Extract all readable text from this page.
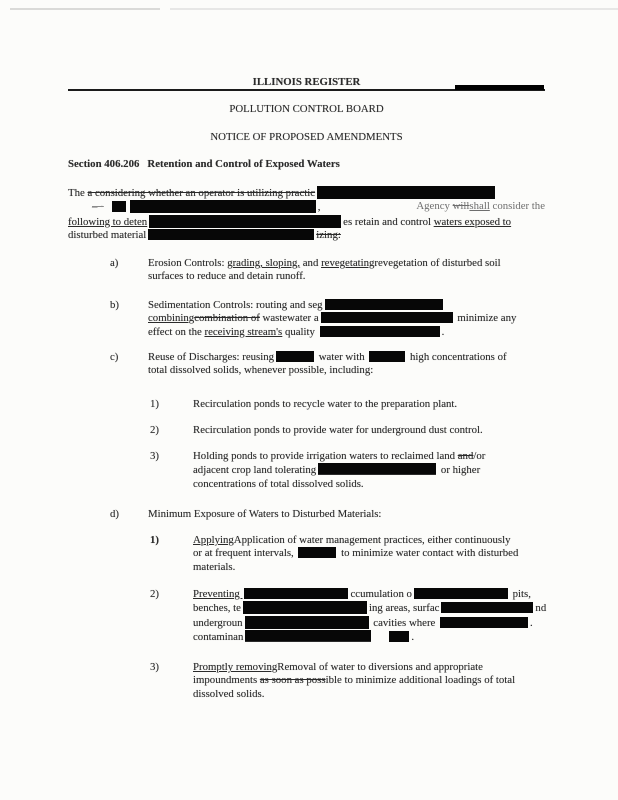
ILLINOIS REGISTER
POLLUTION CONTROL BOARD
NOTICE OF PROPOSED AMENDMENTS
Section 406.206 Retention and Control of Exposed Waters
The a considering whether an operator is utilizing practic
– ·	,	Agency willshall consider the
following to deten	es retain and control waters exposed to
disturbed material	izing:
a)	Erosion Controls: grading, sloping, and revegetatingrevegetation of disturbed soil
surfaces to reduce and detain runoff.
b)	Sedimentation Controls: routing and seg
combiningcombination of wastewater a	minimize any
effect on the receiving stream's quality	.
c)	Reuse of Discharges: reusing	water with	high concentrations of
total dissolved solids, whenever possible, including:
1)	Recirculation ponds to recycle water to the preparation plant.
2)	Recirculation ponds to provide water for underground dust control.
3)	Holding ponds to provide irrigation waters to reclaimed land and/or
adjacent crop land tolerating	or higher
concentrations of total dissolved solids.
d)	Minimum Exposure of Waters to Disturbed Materials:
1)	ApplyingApplication of water management practices, either continuously
or at frequent intervals,	to minimize water contact with disturbed
materials.
2)	Preventing	ccumulation o	pits,
benches, te	ing areas, surfac	nd
undergroun	cavities where	.
contaminan	.
3)	Promptly removingRemoval of water to diversions and appropriate
impoundments as soon as possible to minimize additional loadings of total
dissolved solids.
